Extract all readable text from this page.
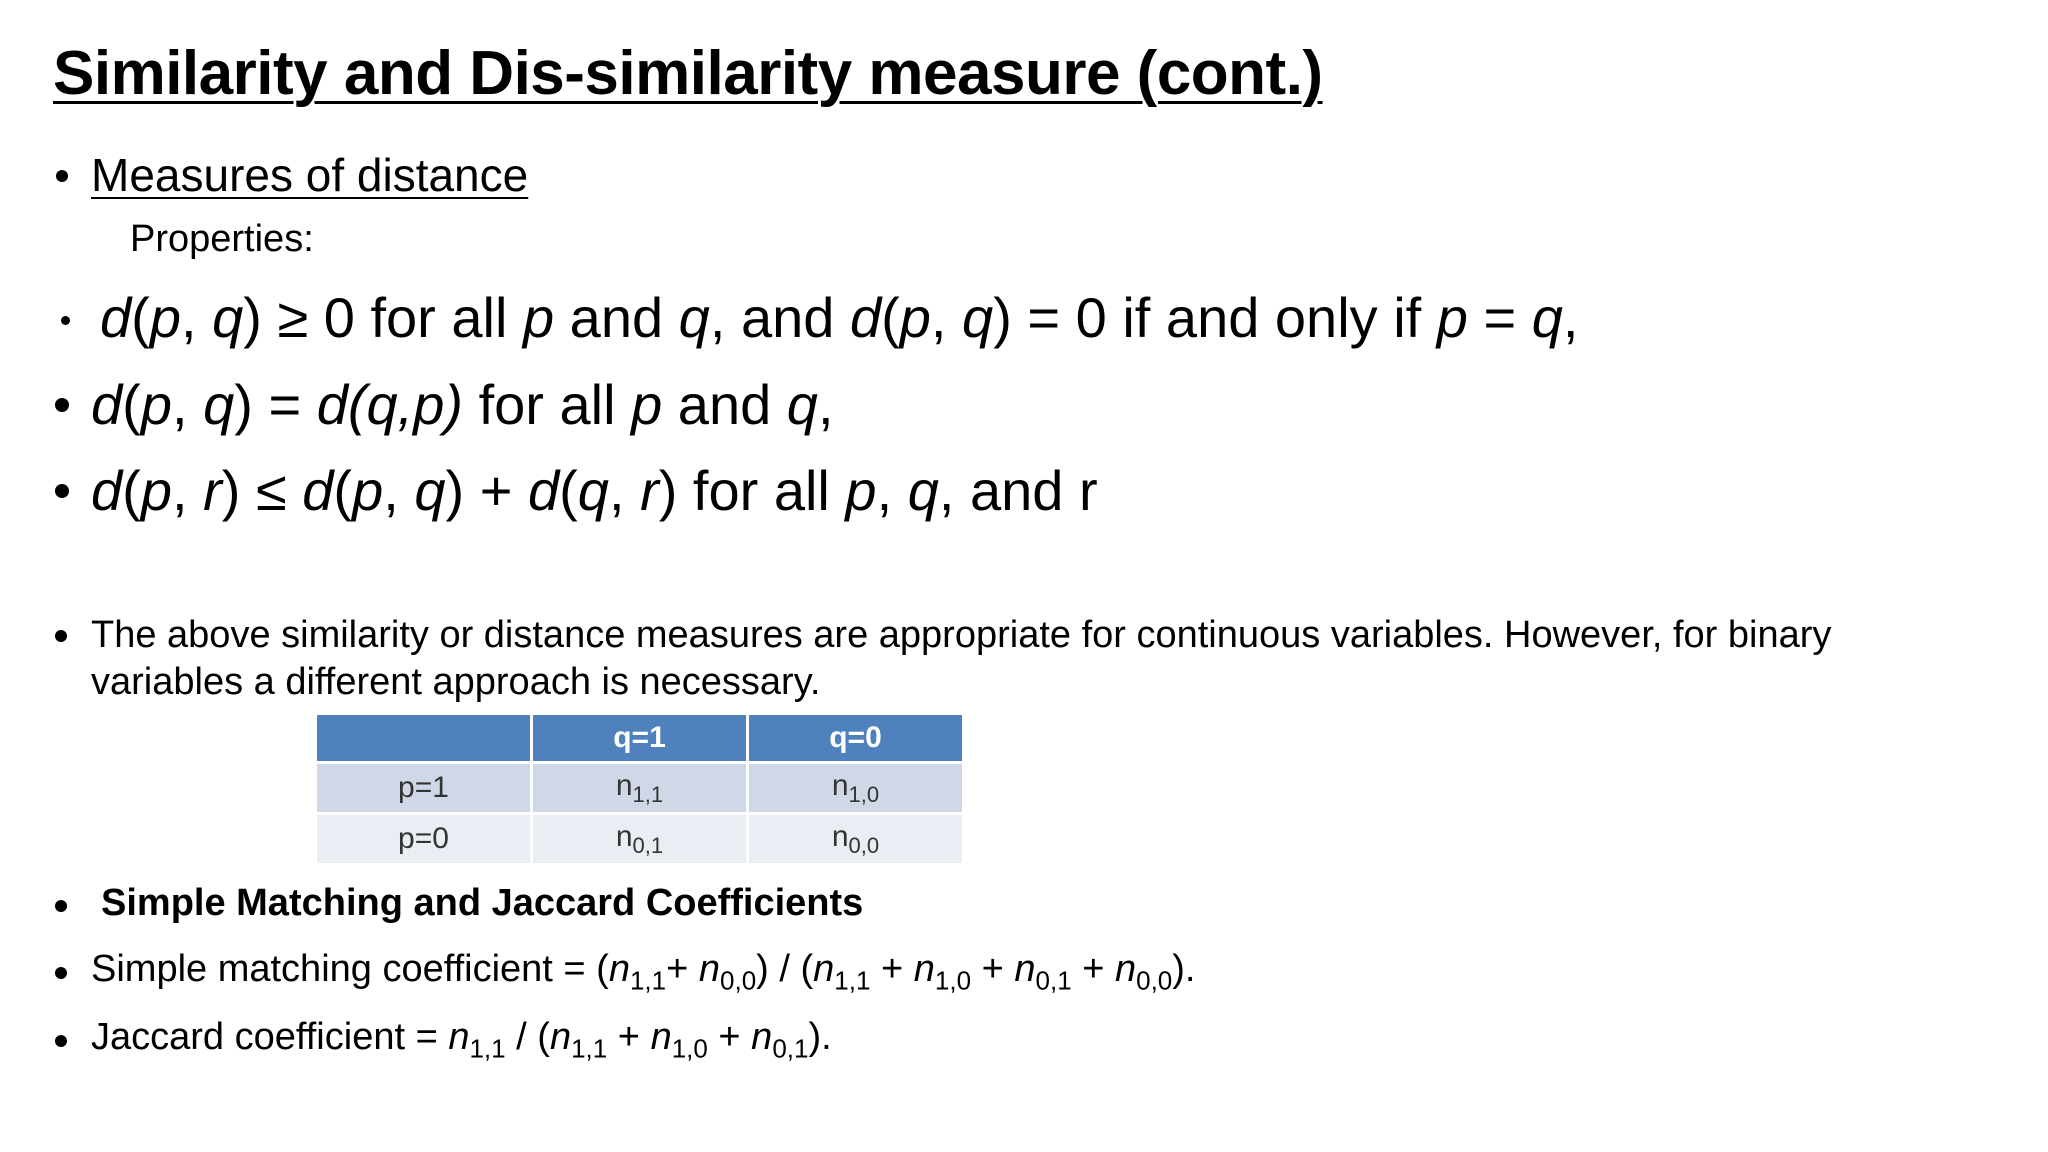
Similarity and Dis-similarity measure (cont.)
Measures of distance
Properties:
d(p, q) ≥ 0 for all p and q, and d(p, q) = 0 if and only if p = q,
d(p, q) = d(q,p) for all p and q,
d(p, r) ≤ d(p, q) + d(q, r) for all p, q, and r
The above similarity or distance measures are appropriate for continuous variables. However, for binary variables a different approach is necessary.
	q=1	q=0
p=1	$n_{1,1}$	$n_{1,0}$
p=0	$n_{0,1}$	$n_{0,0}$
Simple Matching and Jaccard Coefficients
Simple matching coefficient = $(n_{1,1}+ n_{0,0}) / (n_{1,1} + n_{1,0} + n_{0,1} + n_{0,0})$.
Jaccard coefficient = $n_{1,1} / (n_{1,1} + n_{1,0} + n_{0,1})$.
